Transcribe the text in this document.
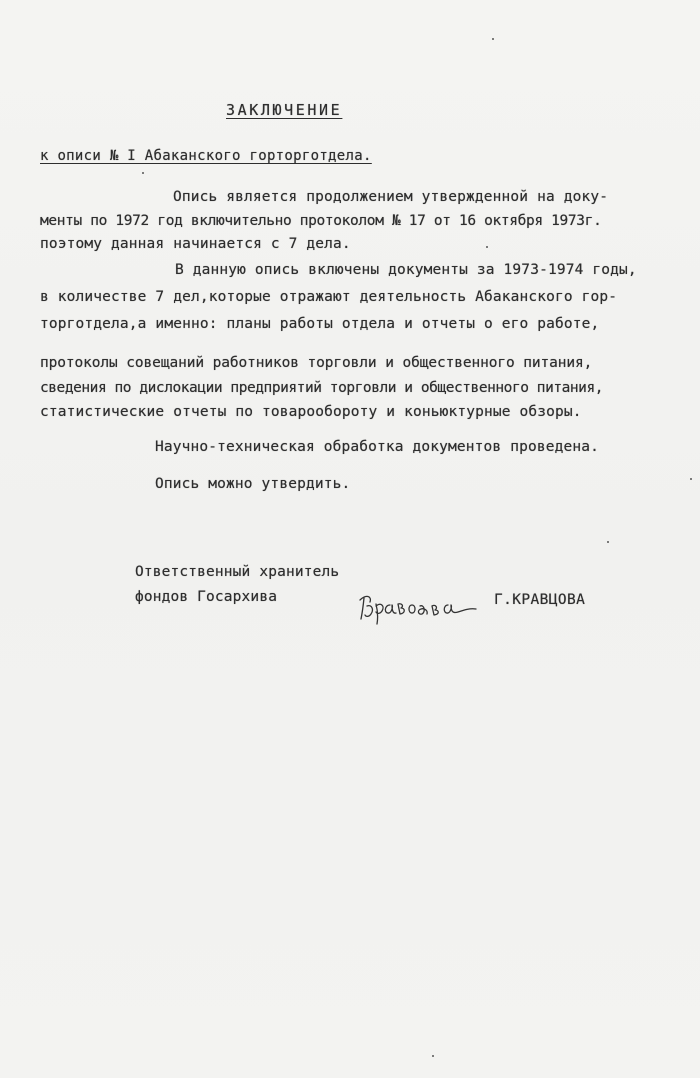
ЗАКЛЮЧЕНИЕ
к описи № I Абаканского горторготдела.
Опись является продолжением утвержденной на доку-
менты по 1972 год включительно протоколом № 17 от 16 октября 1973г.
поэтому данная начинается с 7 дела.
В данную опись включены документы за 1973-1974 годы,
в количестве 7 дел,которые отражают деятельность Абаканского гор-
торготдела,а именно: планы работы отдела и отчеты о его работе,
протоколы совещаний работников торговли и общественного питания,
сведения по дислокации предприятий торговли и общественного питания,
статистические отчеты по товарообороту и коньюктурные обзоры.
Научно-техническая обработка документов проведена.
Опись можно утвердить.
Ответственный хранитель
фондов Госархива	Г.КРАВЦОВА
